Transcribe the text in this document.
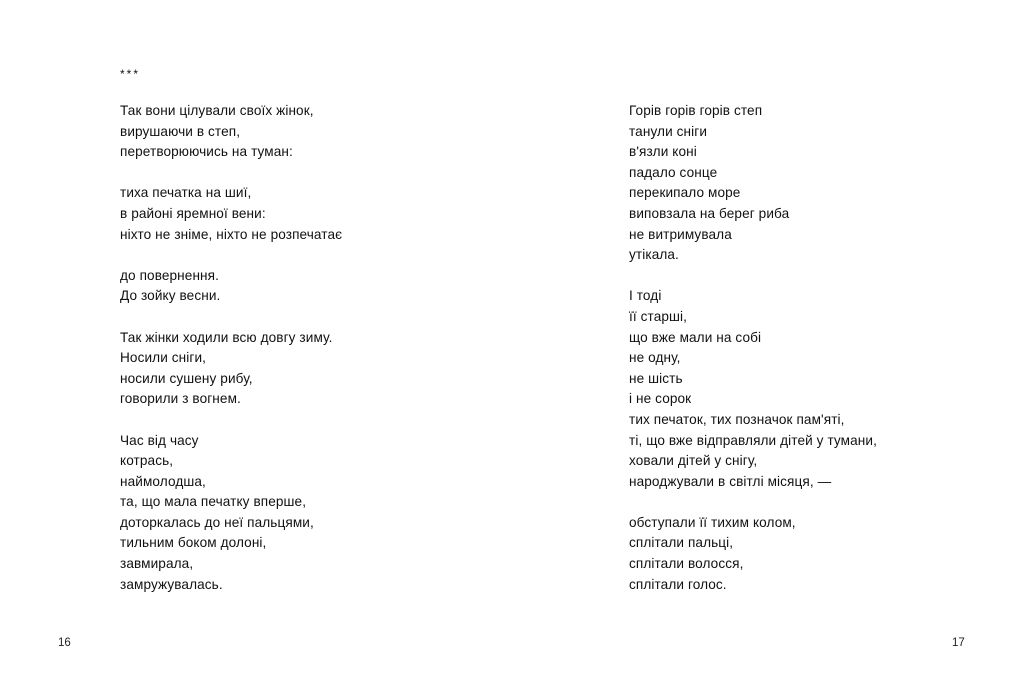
***
Так вони цілували своїх жінок,
вирушаючи в степ,
перетворюючись на туман:
тиха печатка на шиї,
в районі яремної вени:
ніхто не зніме, ніхто не розпечатає
до повернення.
До зойку весни.
Так жінки ходили всю довгу зиму.
Носили сніги,
носили сушену рибу,
говорили з вогнем.
Час від часу
котрась,
наймолодша,
та, що мала печатку вперше,
доторкалась до неї пальцями,
тильним боком долоні,
завмирала,
замружувалась.
16
Горів горів горів степ
танули сніги
в'язли коні
падало сонце
перекипало море
виповзала на берег риба
не витримувала
утікала.
І тоді
її старші,
що вже мали на собі
не одну,
не шість
і не сорок
тих печаток, тих позначок пам'яті,
ті, що вже відправляли дітей у тумани,
ховали дітей у снігу,
народжували в світлі місяця, —
обступали її тихим колом,
сплітали пальці,
сплітали волосся,
сплітали голос.
17
